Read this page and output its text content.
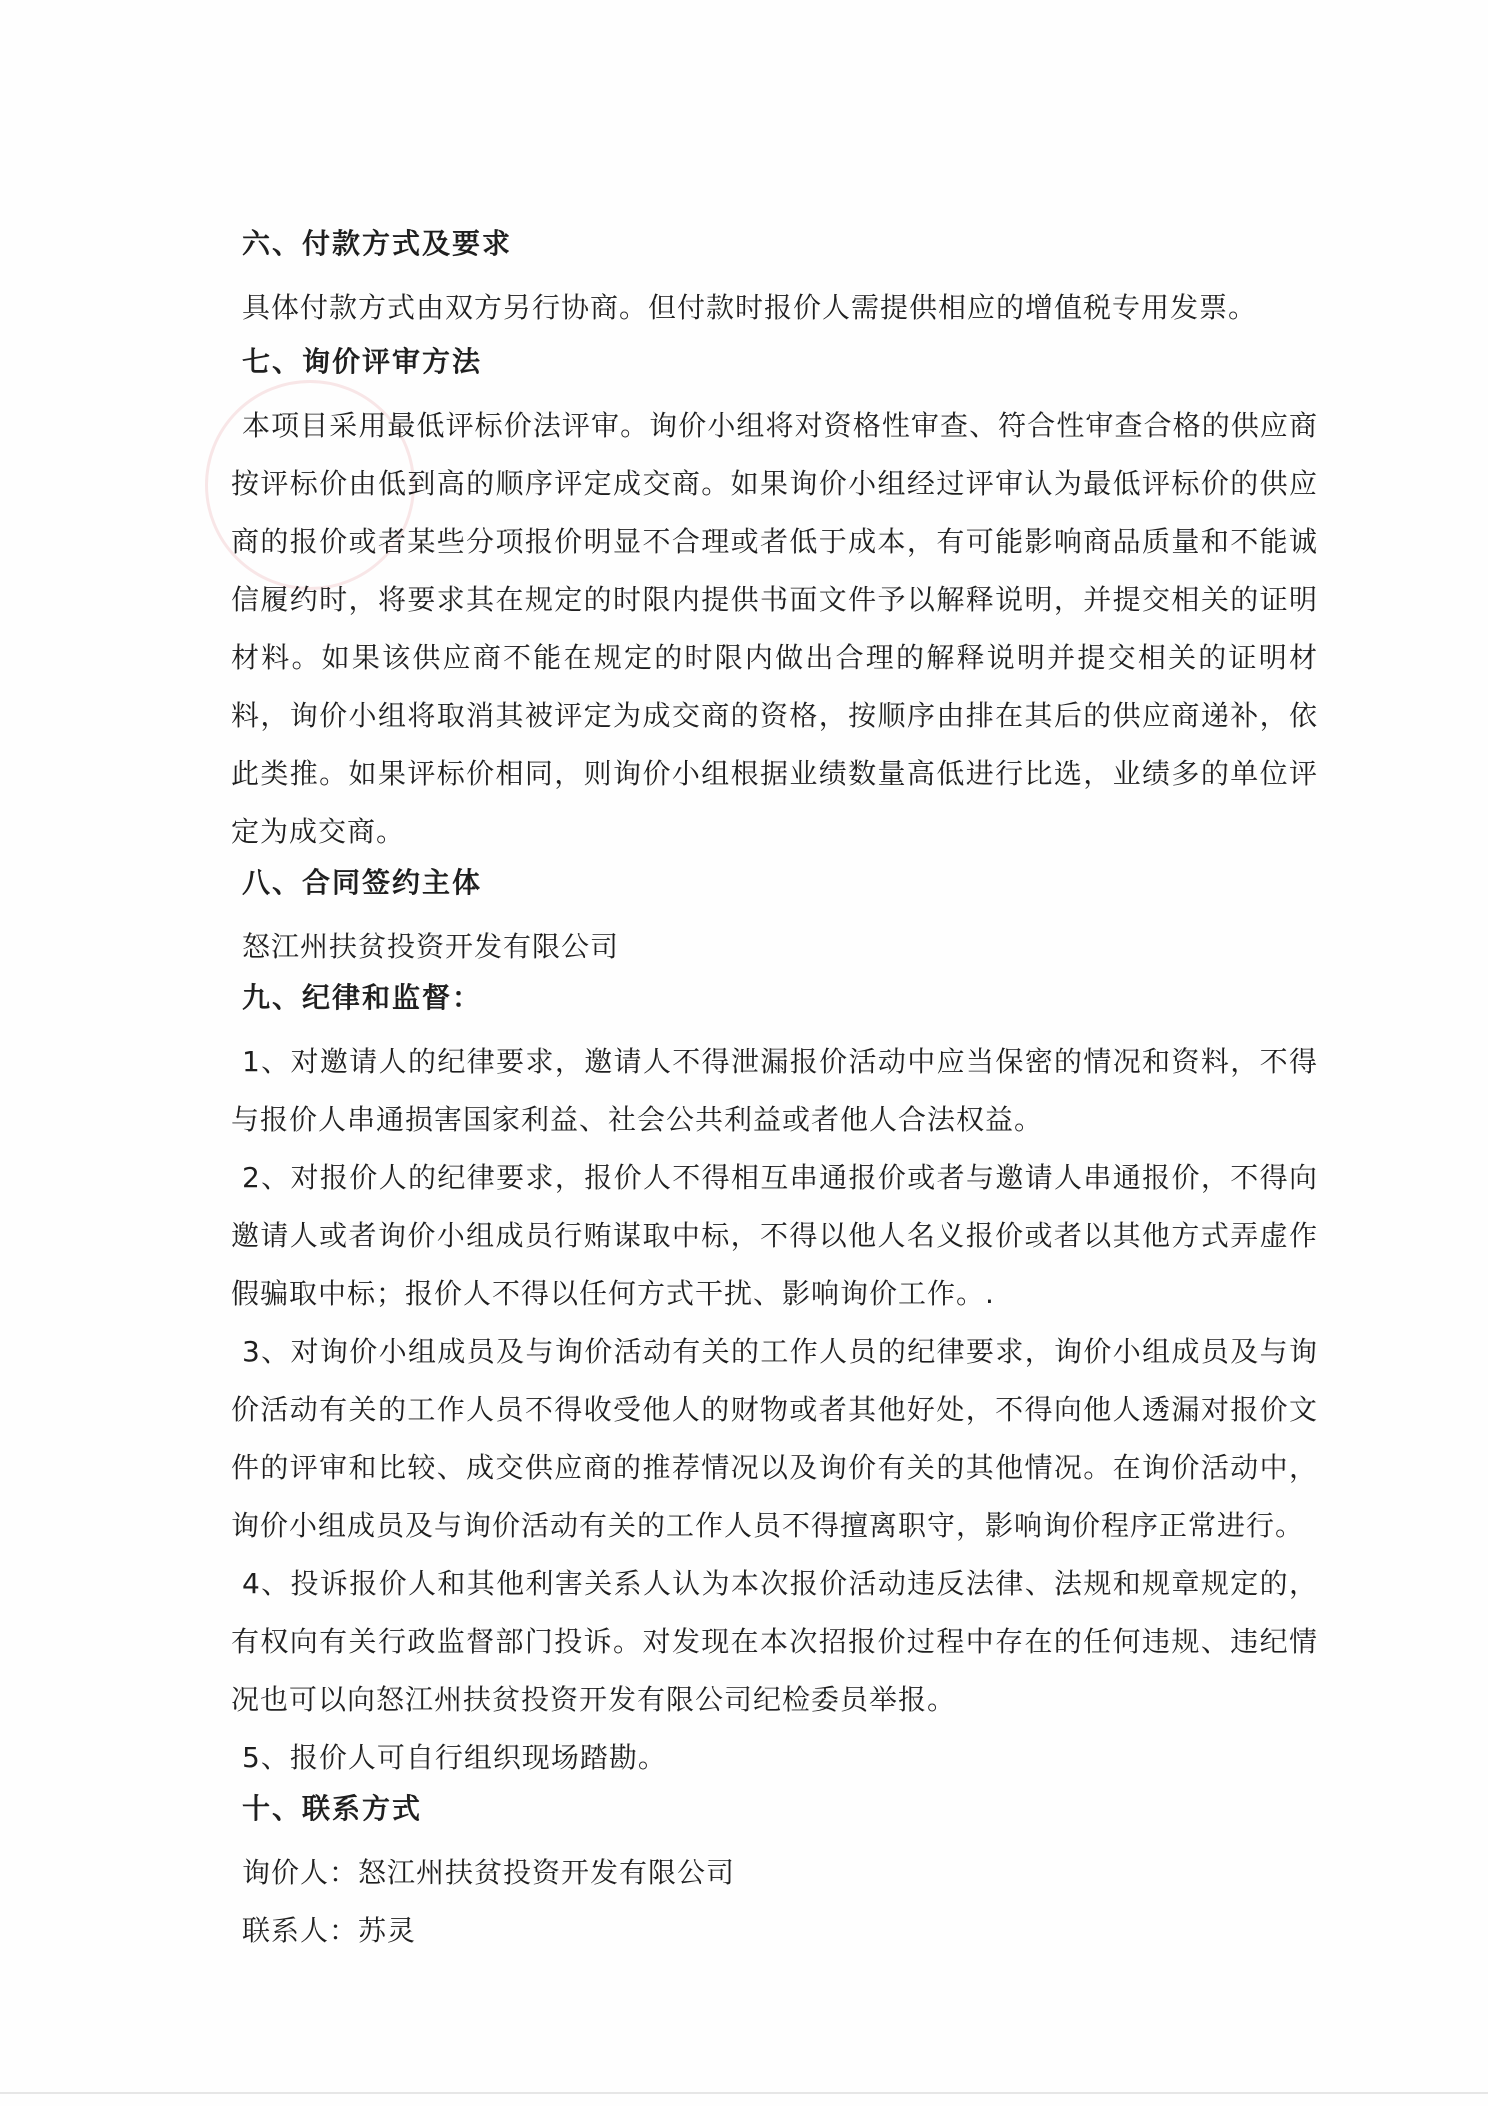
六、付款方式及要求

具体付款方式由双方另行协商。但付款时报价人需提供相应的增值税专用发票。

七、询价评审方法

本项目采用最低评标价法评审。询价小组将对资格性审查、符合性审查合格的供应商按评标价由低到高的顺序评定成交商。如果询价小组经过评审认为最低评标价的供应商的报价或者某些分项报价明显不合理或者低于成本，有可能影响商品质量和不能诚信履约时，将要求其在规定的时限内提供书面文件予以解释说明，并提交相关的证明材料。如果该供应商不能在规定的时限内做出合理的解释说明并提交相关的证明材料，询价小组将取消其被评定为成交商的资格，按顺序由排在其后的供应商递补，依此类推。如果评标价相同，则询价小组根据业绩数量高低进行比选，业绩多的单位评定为成交商。

八、合同签约主体
怒江州扶贫投资开发有限公司
九、纪律和监督：

1、对邀请人的纪律要求，邀请人不得泄漏报价活动中应当保密的情况和资料，不得与报价人串通损害国家利益、社会公共利益或者他人合法权益。

2、对报价人的纪律要求，报价人不得相互串通报价或者与邀请人串通报价，不得向邀请人或者询价小组成员行贿谋取中标，不得以他人名义报价或者以其他方式弄虚作假骗取中标；报价人不得以任何方式干扰、影响询价工作。.

3、对询价小组成员及与询价活动有关的工作人员的纪律要求，询价小组成员及与询价活动有关的工作人员不得收受他人的财物或者其他好处，不得向他人透漏对报价文件的评审和比较、成交供应商的推荐情况以及询价有关的其他情况。在询价活动中，询价小组成员及与询价活动有关的工作人员不得擅离职守，影响询价程序正常进行。

4、投诉报价人和其他利害关系人认为本次报价活动违反法律、法规和规章规定的，有权向有关行政监督部门投诉。对发现在本次招报价过程中存在的任何违规、违纪情况也可以向怒江州扶贫投资开发有限公司纪检委员举报。

5、报价人可自行组织现场踏勘。
十、联系方式
询价人：怒江州扶贫投资开发有限公司
联系人：苏灵
